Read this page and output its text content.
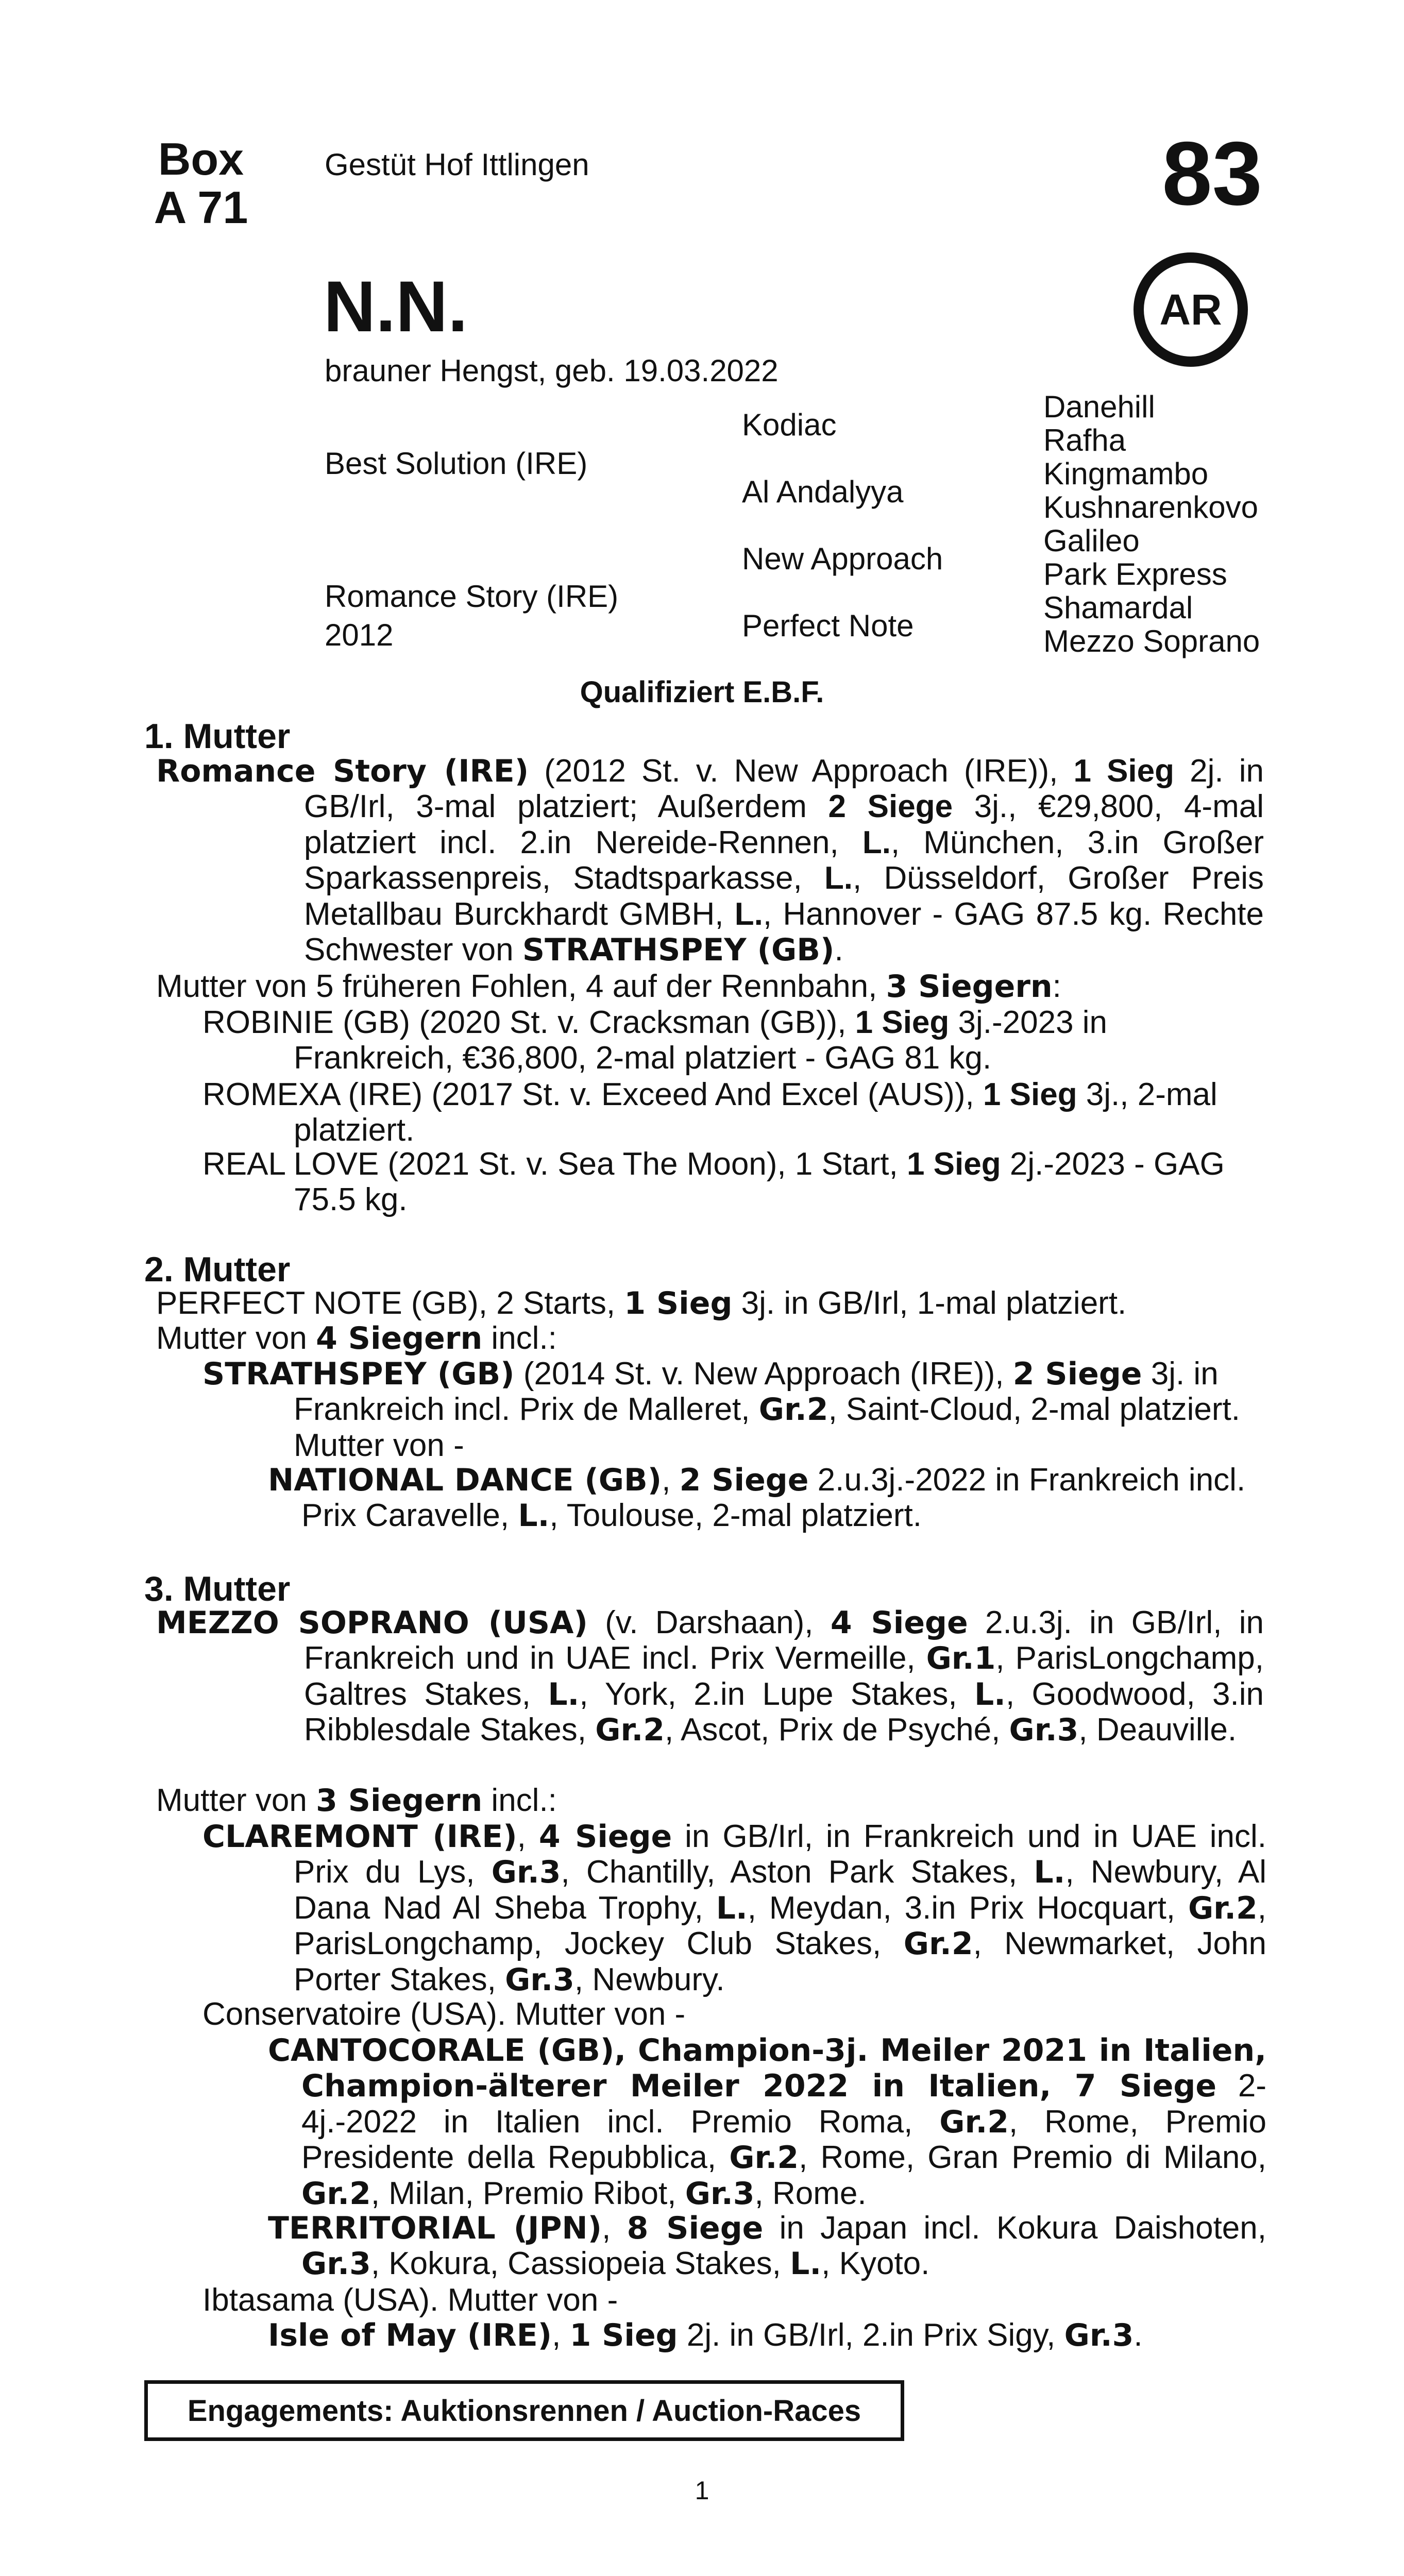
Box
A 71
Gestüt Hof Ittlingen	83
AR
N.N.
brauner Hengst, geb. 19.03.2022
Best Solution (IRE)
Romance Story (IRE)
2012
Kodiac
Al Andalyya
New Approach
Perfect Note
Danehill
Rafha
Kingmambo
Kushnarenkovo
Galileo
Park Express
Shamardal
Mezzo Soprano
Qualifiziert E.B.F.
1. Mutter
Romance Story (IRE) (2012 St. v. New Approach (IRE)), 1 Sieg 2j. in GB/Irl, 3-mal platziert; Außerdem 2 Siege 3j., €29,800, 4-mal platziert incl. 2.in Nereide-Rennen, L., München, 3.in Großer Sparkassenpreis, Stadtsparkasse, L., Düsseldorf, Großer Preis Metallbau Burckhardt GMBH, L., Hannover - GAG 87.5 kg. Rechte Schwester von STRATHSPEY (GB).
Mutter von 5 früheren Fohlen, 4 auf der Rennbahn, 3 Siegern:
ROBINIE (GB) (2020 St. v. Cracksman (GB)), 1 Sieg 3j.-2023 in Frankreich, €36,800, 2-mal platziert - GAG 81 kg.
ROMEXA (IRE) (2017 St. v. Exceed And Excel (AUS)), 1 Sieg 3j., 2-mal platziert.
REAL LOVE (2021 St. v. Sea The Moon), 1 Start, 1 Sieg 2j.-2023 - GAG 75.5 kg.
2. Mutter
PERFECT NOTE (GB), 2 Starts, 1 Sieg 3j. in GB/Irl, 1-mal platziert.
Mutter von 4 Siegern incl.:
STRATHSPEY (GB) (2014 St. v. New Approach (IRE)), 2 Siege 3j. in Frankreich incl. Prix de Malleret, Gr.2, Saint-Cloud, 2-mal platziert. Mutter von -
NATIONAL DANCE (GB), 2 Siege 2.u.3j.-2022 in Frankreich incl. Prix Caravelle, L., Toulouse, 2-mal platziert.
3. Mutter
MEZZO SOPRANO (USA) (v. Darshaan), 4 Siege 2.u.3j. in GB/Irl, in Frankreich und in UAE incl. Prix Vermeille, Gr.1, ParisLongchamp, Galtres Stakes, L., York, 2.in Lupe Stakes, L., Goodwood, 3.in Ribblesdale Stakes, Gr.2, Ascot, Prix de Psyché, Gr.3, Deauville.
Mutter von 3 Siegern incl.:
CLAREMONT (IRE), 4 Siege in GB/Irl, in Frankreich und in UAE incl. Prix du Lys, Gr.3, Chantilly, Aston Park Stakes, L., Newbury, Al Dana Nad Al Sheba Trophy, L., Meydan, 3.in Prix Hocquart, Gr.2, ParisLongchamp, Jockey Club Stakes, Gr.2, Newmarket, John Porter Stakes, Gr.3, Newbury.
Conservatoire (USA). Mutter von -
CANTOCORALE (GB), Champion-3j. Meiler 2021 in Italien, Champion-älterer Meiler 2022 in Italien, 7 Siege 2-4j.-2022 in Italien incl. Premio Roma, Gr.2, Rome, Premio Presidente della Repubblica, Gr.2, Rome, Gran Premio di Milano, Gr.2, Milan, Premio Ribot, Gr.3, Rome.
TERRITORIAL (JPN), 8 Siege in Japan incl. Kokura Daishoten, Gr.3, Kokura, Cassiopeia Stakes, L., Kyoto.
Ibtasama (USA). Mutter von -
Isle of May (IRE), 1 Sieg 2j. in GB/Irl, 2.in Prix Sigy, Gr.3.
Engagements: Auktionsrennen / Auction-Races
1
